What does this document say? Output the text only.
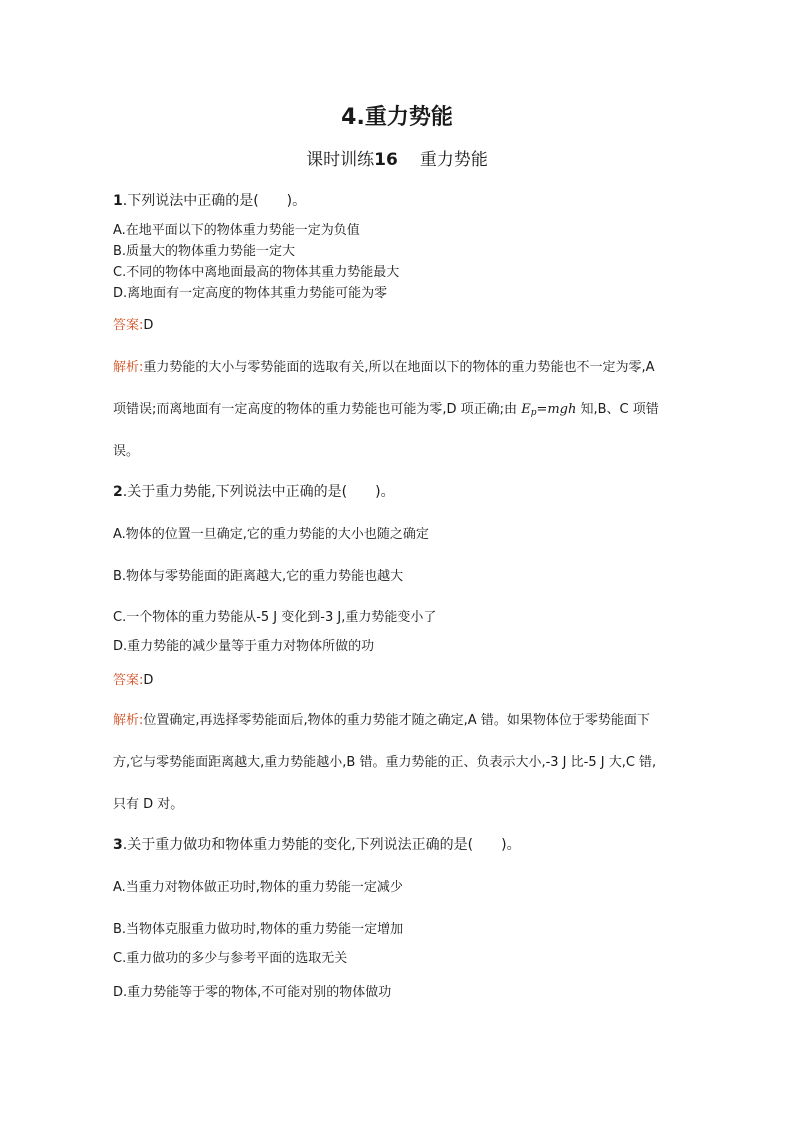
4.重力势能
课时训练16 重力势能
1.下列说法中正确的是(　　)。
A.在地平面以下的物体重力势能一定为负值
B.质量大的物体重力势能一定大
C.不同的物体中离地面最高的物体其重力势能最大
D.离地面有一定高度的物体其重力势能可能为零
答案:D
解析:重力势能的大小与零势能面的选取有关,所以在地面以下的物体的重力势能也不一定为零,A
项错误;而离地面有一定高度的物体的重力势能也可能为零,D 项正确;由 $E_p=mgh$ 知,B、C 项错
误。
2.关于重力势能,下列说法中正确的是(　　)。
A.物体的位置一旦确定,它的重力势能的大小也随之确定
B.物体与零势能面的距离越大,它的重力势能也越大
C.一个物体的重力势能从-5 J 变化到-3 J,重力势能变小了
D.重力势能的减少量等于重力对物体所做的功
答案:D
解析:位置确定,再选择零势能面后,物体的重力势能才随之确定,A 错。如果物体位于零势能面下
方,它与零势能面距离越大,重力势能越小,B 错。重力势能的正、负表示大小,-3 J 比-5 J 大,C 错,
只有 D 对。
3.关于重力做功和物体重力势能的变化,下列说法正确的是(　　)。
A.当重力对物体做正功时,物体的重力势能一定减少
B.当物体克服重力做功时,物体的重力势能一定增加
C.重力做功的多少与参考平面的选取无关
D.重力势能等于零的物体,不可能对别的物体做功
